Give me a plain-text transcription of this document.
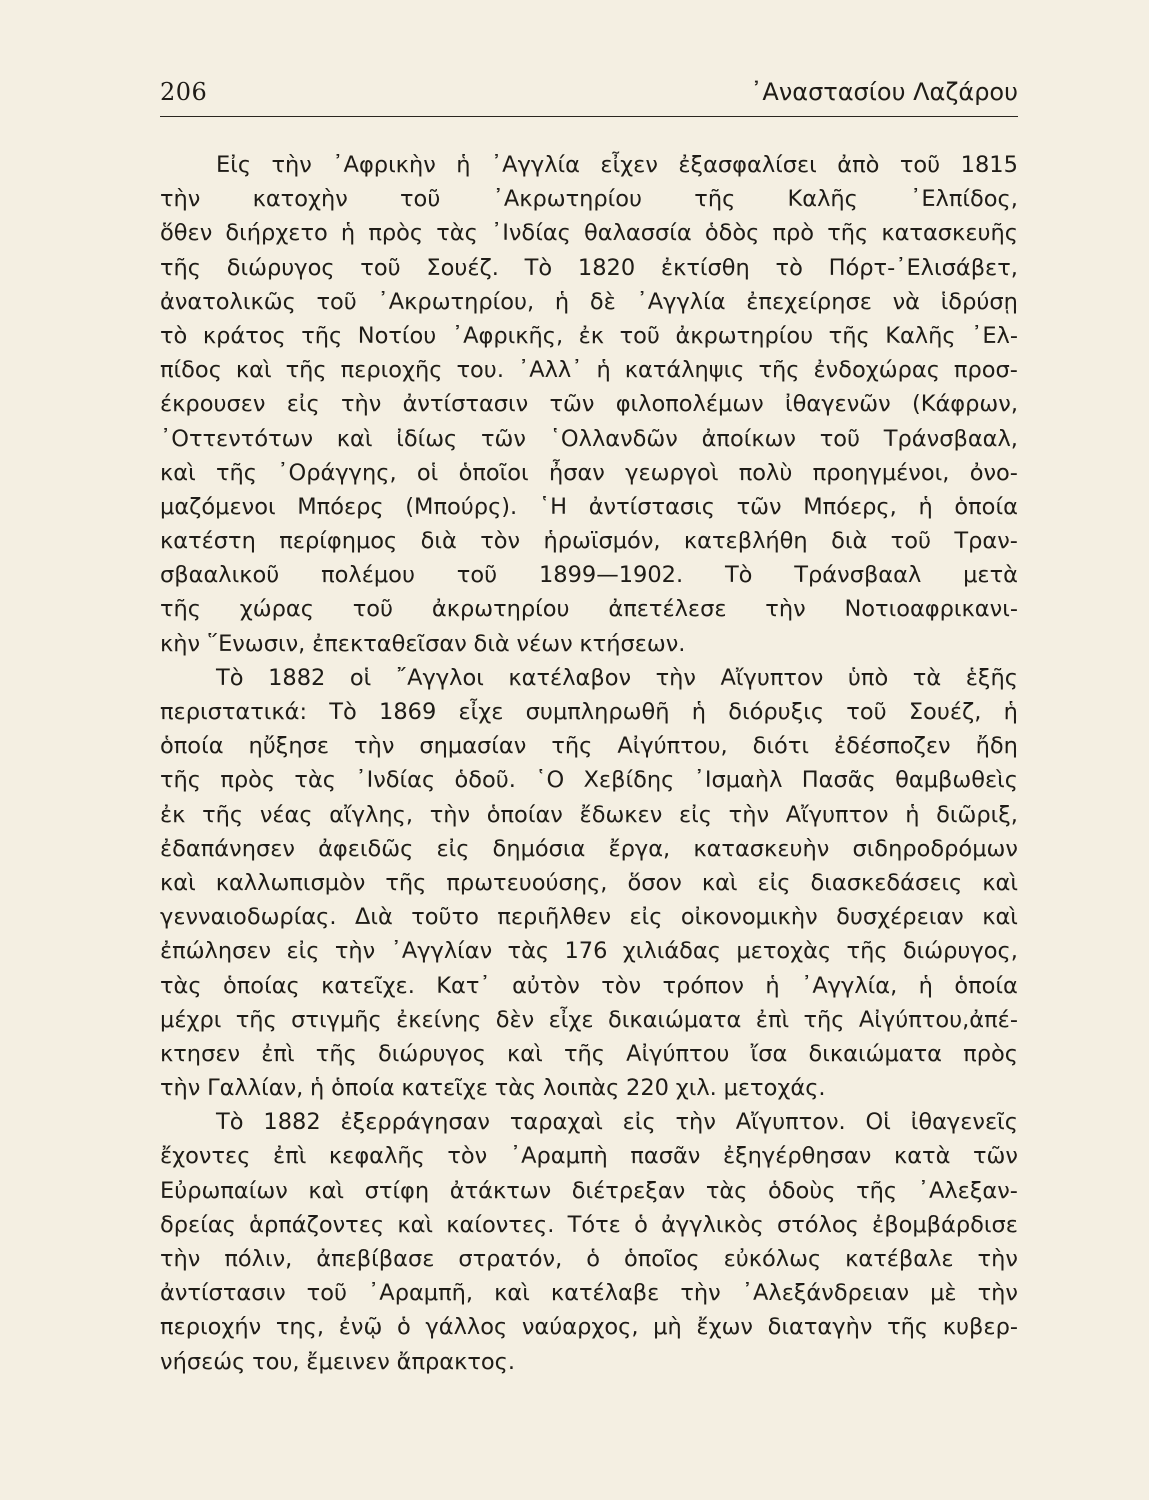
206	᾽Αναστασίου Λαζάρου
Εἰς τὴν ᾽Αφρικὴν ἡ ᾽Αγγλία εἶχεν ἐξασφαλίσει ἀπὸ τοῦ 1815
τὴν κατοχὴν τοῦ ᾽Ακρωτηρίου τῆς Καλῆς ᾽Ελπίδος,
ὅθεν διήρχετο ἡ πρὸς τὰς ᾽Ινδίας θαλασσία ὁδὸς πρὸ τῆς κατασκευῆς
τῆς διώρυγος τοῦ Σουέζ. Τὸ 1820 ἐκτίσθη τὸ Πόρτ-᾽Ελισάβετ,
ἀνατολικῶς τοῦ ᾽Ακρωτηρίου, ἡ δὲ ᾽Αγγλία ἐπεχείρησε νὰ ἱδρύσῃ
τὸ κράτος τῆς Νοτίου ᾽Αφρικῆς, ἐκ τοῦ ἀκρωτηρίου τῆς Καλῆς ᾽Ελ-
πίδος καὶ τῆς περιοχῆς του. ᾽Αλλ᾽ ἡ κατάληψις τῆς ἐνδοχώρας προσ-
έκρουσεν εἰς τὴν ἀντίστασιν τῶν φιλοπολέμων ἰθαγενῶν (Κάφρων,
᾽Οττεντότων καὶ ἰδίως τῶν ῾Ολλανδῶν ἀποίκων τοῦ Τράνσβααλ,
καὶ τῆς ᾽Οράγγης, οἱ ὁποῖοι ἦσαν γεωργοὶ πολὺ προηγμένοι, ὀνο-
μαζόμενοι Μπόερς (Μπούρς). ῾Η ἀντίστασις τῶν Μπόερς, ἡ ὁποία
κατέστη περίφημος διὰ τὸν ἡρωϊσμόν, κατεβλήθη διὰ τοῦ Τραν-
σβααλικοῦ πολέμου τοῦ 1899—1902. Τὸ Τράνσβααλ μετὰ
τῆς χώρας τοῦ ἀκρωτηρίου ἀπετέλεσε τὴν Νοτιοαφρικανι-
κὴν ῞Ενωσιν, ἐπεκταθεῖσαν διὰ νέων κτήσεων.
Τὸ 1882 οἱ ῎Αγγλοι κατέλαβον τὴν Αἴγυπτον ὑπὸ τὰ ἑξῆς
περιστατικά: Τὸ 1869 εἶχε συμπληρωθῆ ἡ διόρυξις τοῦ Σουέζ, ἡ
ὁποία ηὔξησε τὴν σημασίαν τῆς Αἰγύπτου, διότι ἐδέσποζεν ἤδη
τῆς πρὸς τὰς ᾽Ινδίας ὁδοῦ. ῾Ο Χεβίδης ᾽Ισμαὴλ Πασᾶς θαμβωθεὶς
ἐκ τῆς νέας αἴγλης, τὴν ὁποίαν ἔδωκεν εἰς τὴν Αἴγυπτον ἡ διῶριξ,
ἐδαπάνησεν ἀφειδῶς εἰς δημόσια ἔργα, κατασκευὴν σιδηροδρόμων
καὶ καλλωπισμὸν τῆς πρωτευούσης, ὅσον καὶ εἰς διασκεδάσεις καὶ
γενναιοδωρίας. Διὰ τοῦτο περιῆλθεν εἰς οἰκονομικὴν δυσχέρειαν καὶ
ἐπώλησεν εἰς τὴν ᾽Αγγλίαν τὰς 176 χιλιάδας μετοχὰς τῆς διώρυγος,
τὰς ὁποίας κατεῖχε. Κατ᾽ αὐτὸν τὸν τρόπον ἡ ᾽Αγγλία, ἡ ὁποία
μέχρι τῆς στιγμῆς ἐκείνης δὲν εἶχε δικαιώματα ἐπὶ τῆς Αἰγύπτου,ἀπέ-
κτησεν ἐπὶ τῆς διώρυγος καὶ τῆς Αἰγύπτου ἴσα δικαιώματα πρὸς
τὴν Γαλλίαν, ἡ ὁποία κατεῖχε τὰς λοιπὰς 220 χιλ. μετοχάς.
Τὸ 1882 ἐξερράγησαν ταραχαὶ εἰς τὴν Αἴγυπτον. Οἱ ἰθαγενεῖς
ἔχοντες ἐπὶ κεφαλῆς τὸν ᾽Αραμπὴ πασᾶν ἐξηγέρθησαν κατὰ τῶν
Εὐρωπαίων καὶ στίφη ἀτάκτων διέτρεξαν τὰς ὁδοὺς τῆς ᾽Αλεξαν-
δρείας ἁρπάζοντες καὶ καίοντες. Τότε ὁ ἀγγλικὸς στόλος ἐβομβάρδισε
τὴν πόλιν, ἀπεβίβασε στρατόν, ὁ ὁποῖος εὐκόλως κατέβαλε τὴν
ἀντίστασιν τοῦ ᾽Αραμπῆ, καὶ κατέλαβε τὴν ᾽Αλεξάνδρειαν μὲ τὴν
περιοχήν της, ἐνῷ ὁ γάλλος ναύαρχος, μὴ ἔχων διαταγὴν τῆς κυβερ-
νήσεώς του, ἔμεινεν ἄπρακτος.
